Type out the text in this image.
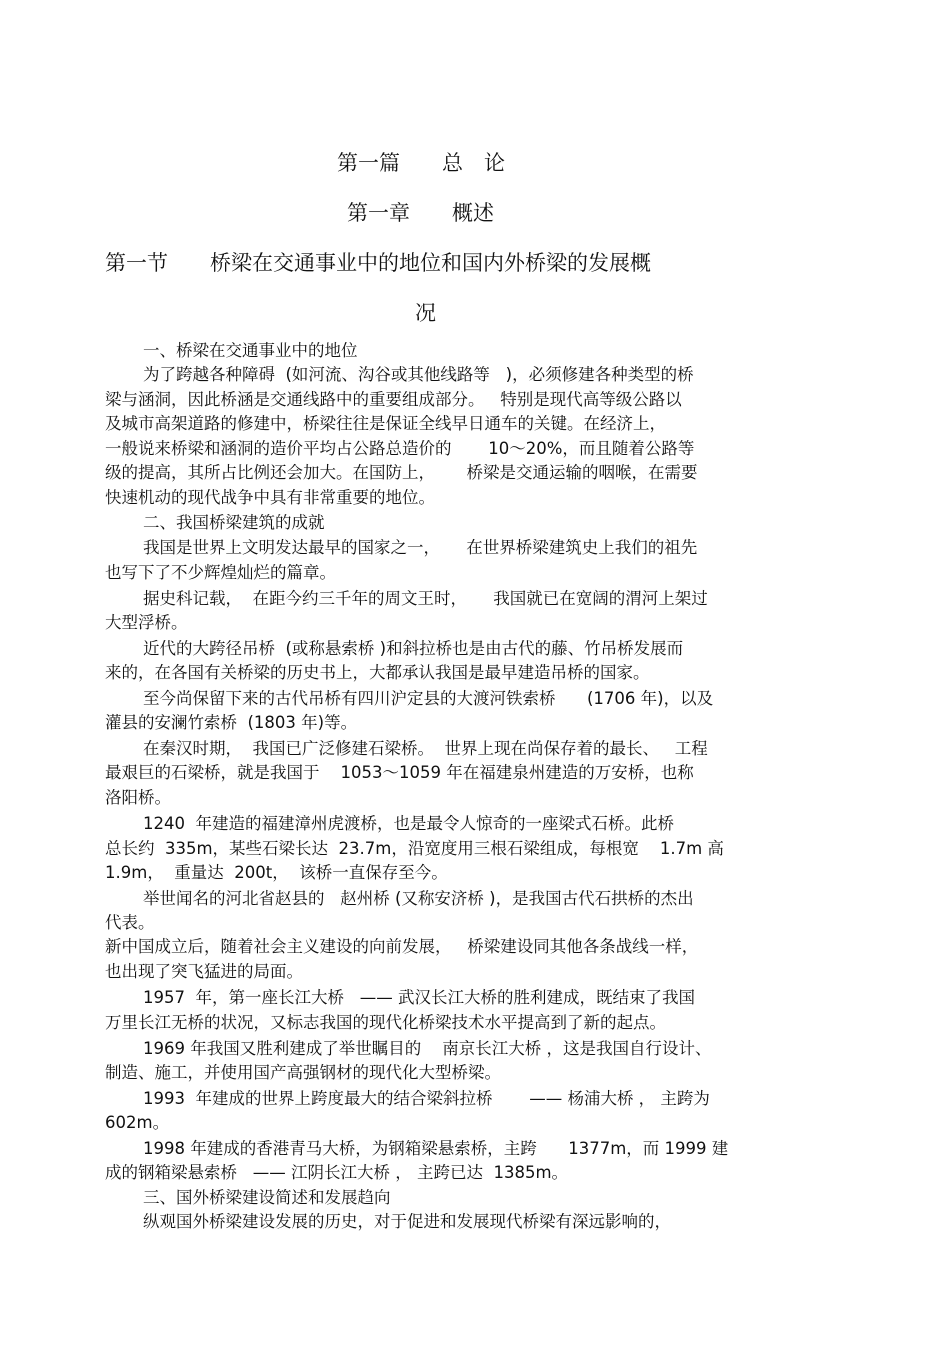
第一篇　　总　论
第一章　　概述
第一节　　桥梁在交通事业中的地位和国内外桥梁的发展概
况
一、桥梁在交通事业中的地位
为了跨越各种障碍  (如河流、沟谷或其他线路等   )，必须修建各种类型的桥
梁与涵洞，因此桥涵是交通线路中的重要组成部分。   特别是现代高等级公路以
及城市高架道路的修建中，桥梁往往是保证全线早日通车的关键。在经济上，
一般说来桥梁和涵洞的造价平均占公路总造价的       10～20%，而且随着公路等
级的提高，其所占比例还会加大。在国防上，      桥梁是交通运输的咽喉，在需要
快速机动的现代战争中具有非常重要的地位。
二、我国桥梁建筑的成就
我国是世界上文明发达最早的国家之一，     在世界桥梁建筑史上我们的祖先
也写下了不少辉煌灿烂的篇章。
据史科记载，  在距今约三千年的周文王时，     我国就已在宽阔的渭河上架过
大型浮桥。
近代的大跨径吊桥  (或称悬索桥 )和斜拉桥也是由古代的藤、竹吊桥发展而
来的，在各国有关桥梁的历史书上，大都承认我国是最早建造吊桥的国家。
至今尚保留下来的古代吊桥有四川沪定县的大渡河铁索桥      (1706 年)，以及
灌县的安澜竹索桥  (1803 年)等。
在秦汉时期，  我国已广泛修建石梁桥。  世界上现在尚保存着的最长、   工程
最艰巨的石梁桥，就是我国于    1053～1059 年在福建泉州建造的万安桥，也称
洛阳桥。
1240  年建造的福建漳州虎渡桥，也是最令人惊奇的一座梁式石桥。此桥
总长约  335m，某些石梁长达  23.7m，沿宽度用三根石梁组成，每根宽    1.7m 高
1.9m，  重量达  200t，  该桥一直保存至今。
举世闻名的河北省赵县的   赵州桥 (又称安济桥 )，是我国古代石拱桥的杰出
代表。
新中国成立后，随着社会主义建设的向前发展，   桥梁建设同其他各条战线一样，
也出现了突飞猛进的局面。
1957  年，第一座长江大桥   —— 武汉长江大桥的胜利建成，既结束了我国
万里长江无桥的状况，又标志我国的现代化桥梁技术水平提高到了新的起点。
1969 年我国又胜利建成了举世瞩目的    南京长江大桥 ，这是我国自行设计、
制造、施工，并使用国产高强钢材的现代化大型桥梁。
1993  年建成的世界上跨度最大的结合梁斜拉桥       —— 杨浦大桥 ， 主跨为
602m。
1998 年建成的香港青马大桥，为钢箱梁悬索桥，主跨      1377m，而 1999 建
成的钢箱梁悬索桥   —— 江阴长江大桥 ， 主跨已达  1385m。
三、国外桥梁建设简述和发展趋向
纵观国外桥梁建设发展的历史，对于促进和发展现代桥梁有深远影响的，
